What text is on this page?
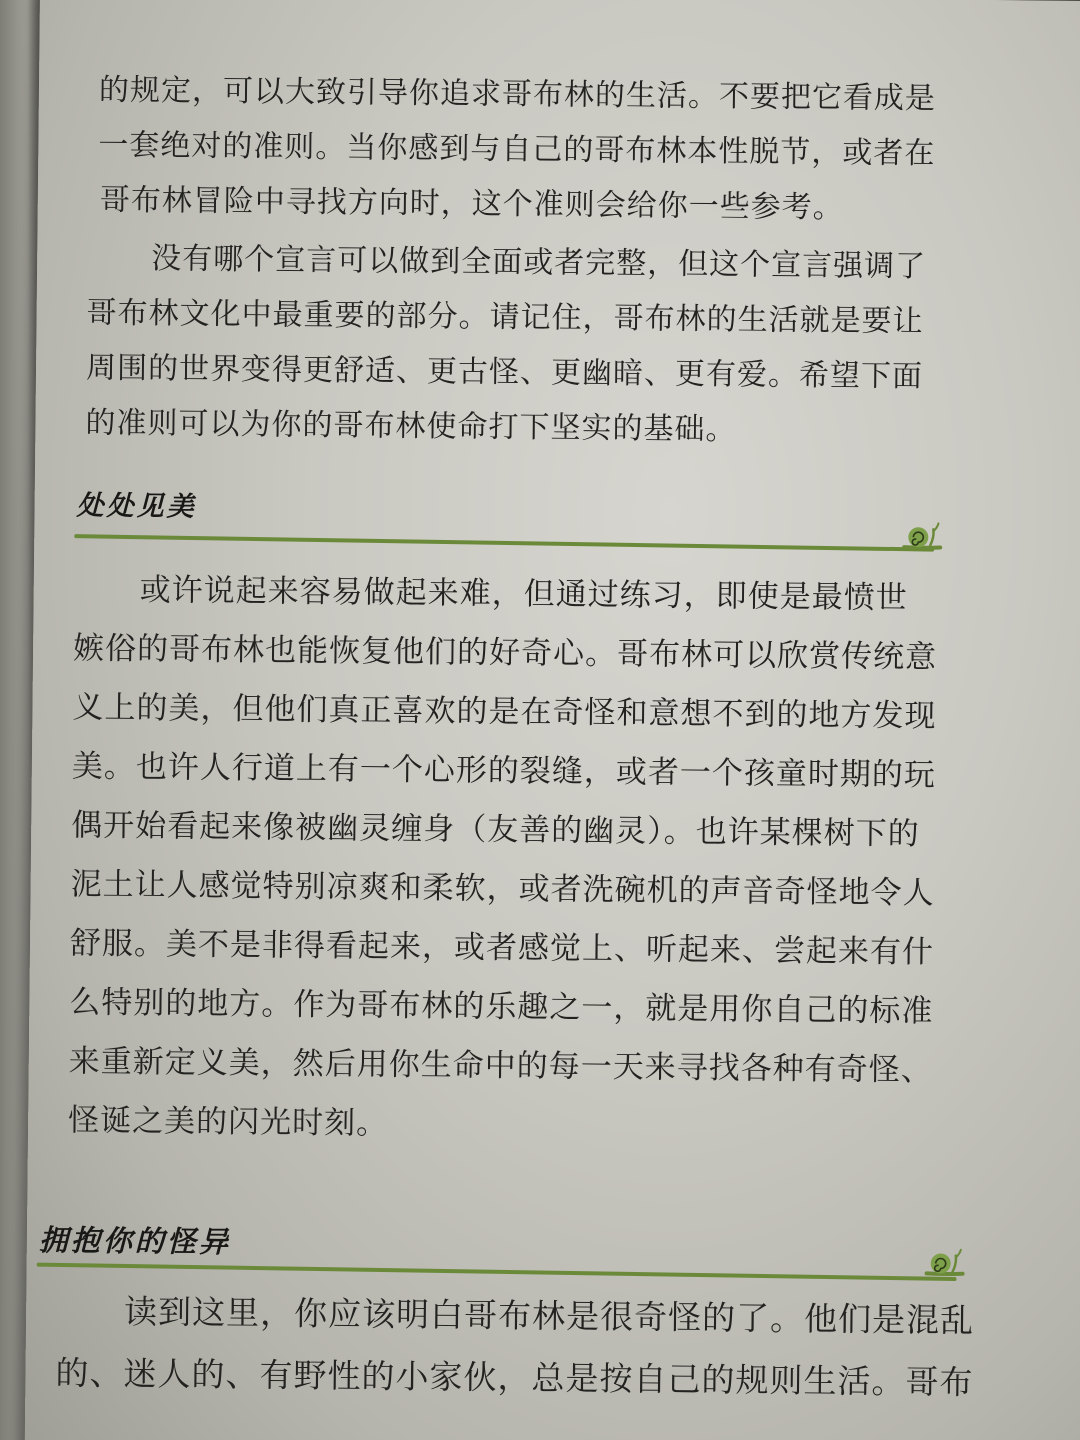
的规定，可以大致引导你追求哥布林的生活。不要把它看成是
一套绝对的准则。当你感到与自己的哥布林本性脱节，或者在
哥布林冒险中寻找方向时，这个准则会给你一些参考。

没有哪个宣言可以做到全面或者完整，但这个宣言强调了
哥布林文化中最重要的部分。请记住，哥布林的生活就是要让
周围的世界变得更舒适、更古怪、更幽暗、更有爱。希望下面
的准则可以为你的哥布林使命打下坚实的基础。

处处见美

或许说起来容易做起来难，但通过练习，即使是最愤世
嫉俗的哥布林也能恢复他们的好奇心。哥布林可以欣赏传统意
义上的美，但他们真正喜欢的是在奇怪和意想不到的地方发现
美。也许人行道上有一个心形的裂缝，或者一个孩童时期的玩
偶开始看起来像被幽灵缠身（友善的幽灵）。也许某棵树下的
泥土让人感觉特别凉爽和柔软，或者洗碗机的声音奇怪地令人
舒服。美不是非得看起来，或者感觉上、听起来、尝起来有什
么特别的地方。作为哥布林的乐趣之一，就是用你自己的标准
来重新定义美，然后用你生命中的每一天来寻找各种有奇怪、
怪诞之美的闪光时刻。

拥抱你的怪异

读到这里，你应该明白哥布林是很奇怪的了。他们是混乱
的、迷人的、有野性的小家伙，总是按自己的规则生活。哥布
